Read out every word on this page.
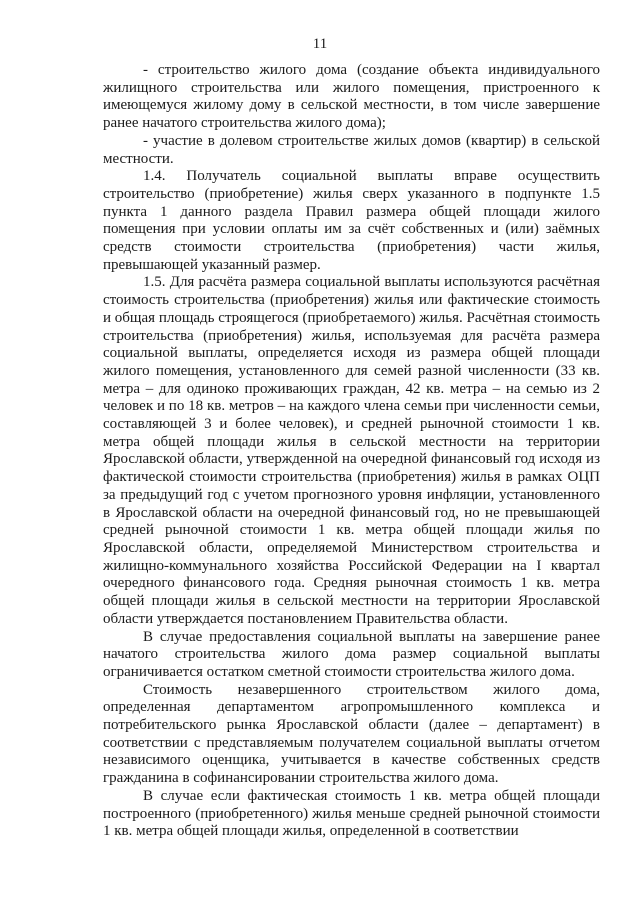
11

- строительство жилого дома (создание объекта индивидуального жилищного строительства или жилого помещения, пристроенного к имеющемуся жилому дому в сельской местности, в том числе завершение ранее начатого строительства жилого дома);

- участие в долевом строительстве жилых домов (квартир) в сельской местности.

1.4. Получатель социальной выплаты вправе осуществить строительство (приобретение) жилья сверх указанного в подпункте 1.5 пункта 1 данного раздела Правил размера общей площади жилого помещения при условии оплаты им за счёт собственных и (или) заёмных средств стоимости строительства (приобретения) части жилья, превышающей указанный размер.

1.5. Для расчёта размера социальной выплаты используются расчётная стоимость строительства (приобретения) жилья или фактические стоимость и общая площадь строящегося (приобретаемого) жилья. Расчётная стоимость строительства (приобретения) жилья, используемая для расчёта размера социальной выплаты, определяется исходя из размера общей площади жилого помещения, установленного для семей разной численности (33 кв. метра – для одиноко проживающих граждан, 42 кв. метра – на семью из 2 человек и по 18 кв. метров – на каждого члена семьи при численности семьи, составляющей 3 и более человек), и средней рыночной стоимости 1 кв. метра общей площади жилья в сельской местности на территории Ярославской области, утвержденной на очередной финансовый год исходя из фактической стоимости строительства (приобретения) жилья в рамках ОЦП за предыдущий год с учетом прогнозного уровня инфляции, установленного в Ярославской области на очередной финансовый год, но не превышающей средней рыночной стоимости 1 кв. метра общей площади жилья по Ярославской области, определяемой Министерством строительства и жилищно-коммунального хозяйства Российской Федерации на I квартал очередного финансового года. Средняя рыночная стоимость 1 кв. метра общей площади жилья в сельской местности на территории Ярославской области утверждается постановлением Правительства области.

В случае предоставления социальной выплаты на завершение ранее начатого строительства жилого дома размер социальной выплаты ограничивается остатком сметной стоимости строительства жилого дома.

Стоимость незавершенного строительством жилого дома, определенная департаментом агропромышленного комплекса и потребительского рынка Ярославской области (далее – департамент) в соответствии с представляемым получателем социальной выплаты отчетом независимого оценщика, учитывается в качестве собственных средств гражданина в софинансировании строительства жилого дома.

В случае если фактическая стоимость 1 кв. метра общей площади построенного (приобретенного) жилья меньше средней рыночной стоимости 1 кв. метра общей площади жилья, определенной в соответствии
